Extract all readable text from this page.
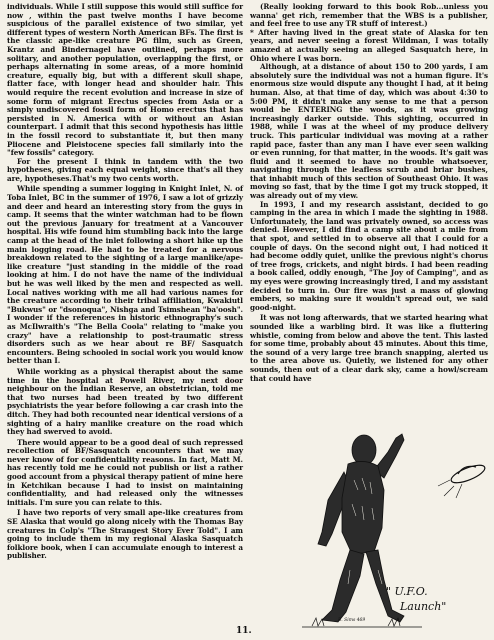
individuals. While I still suppose this would still suffice for now , within the past twelve months I have become suspicious of the parallel existence of two similar, yet different types of western North American BFs. The first is the classic ape-like creature PG film, such as Green, Krantz and Bindernagel have outlined, perhaps more solitary, and another population, overlapping the first, or perhaps alternating in some areas, of a more hominid creature, equally big, but with a different skull shape, flatter face, with longer head and shoulder hair. This would require the recent evolution and increase in size of some form of migrant Erectus species from Asia or a simply undiscovered fossil form of Homo erectus that has persisted in N. America with or without an Asian counterpart. I admit that this second hypothesis has little in the fossil record to substantiate it, but then many Pliocene and Pleistocene species fall similarly into the "few fossils" category.

For the present I think in tandem with the two hypotheses, giving each equal weight, since that's all they are, hypotheses.That's my two cents worth.

While spending a summer logging in Knight Inlet, N. of Toba Inlet, BC in the summer of 1976, I saw a lot of grizzly and deer and heard an interesting story from the guys in camp. It seems that the winter watchman had to be flown out the previous January for treatment at a Vancouver hospital. His wife found him stumbling back into the large camp at the head of the inlet following a short hike up the main logging road. He had to be treated for a nervous breakdown related to the sighting of a large manlike/ape-like creature "just standing in the middle of the road looking at him. I do not have the name of the individual but he was well liked by the men and respected as well. Local natives working with me all had various names for the creature according to their tribal affiliation, Kwakiutl "Bukwus" or "dsonoqua", Nishga and Tsimshean "ba'oosh". I wonder if the references in historic ethnography's such as McIlwraith's "The Bella Coola" relating to "make you crazy" have a relationship to post-traumatic stress disorders such as we hear about re BF/ Sasquatch encounters. Being schooled in social work you would know better than I.

While working as a physical therapist about the same time in the hospital at Powell River, my next door neighbour on the Indian Reserve, an obstetrician, told me that two nurses had been treated by two different psychiatrists the year before following a car crash into the ditch. They had both recounted near identical versions of a sighting of a hairy manlike creature on the road which they had swerved to avoid.

There would appear to be a good deal of such repressed recollection of BF/Sasquatch encounters that we may never know of for confidentiality reasons. In fact, Matt M. has recently told me he could not publish or list a rather good account from a physical therapy patient of mine here in Ketchikan because I had to insist on maintaining confidentiality, and had released only the witnesses initials. I'm sure you can relate to this.

I have two reports of very small ape-like creatures from SE Alaska that would go along nicely with the Thomas Bay creatures in Colp's "The Strangest Story Ever Told". I am going to include them in my regional Alaska Sasquatch folklore book, when I can accumulate enough to interest a publisher.

(Really looking forward to this book Rob...unless you wanna' get rich, remember that the WBS is a publisher, and feel free to use any TR stuff of interest.)

* After having lived in the great state of Alaska for ten years, and never seeing a forest Wildman, I was totally amazed at actually seeing an alleged Sasquatch here, in Ohio where I was born.

Although, at a distance of about 150 to 200 yards, I am absolutely sure the individual was not a human figure. It's enormous size would dispute any thought I had, at it being human. Also, at that time of day, which was about 4:30 to 5:00 PM, it didn't make any sense to me that a person would be ENTERING the woods, as it was growing increasingly darker outside. This sighting, occurred in 1988, while I was at the wheel of my produce delivery truck. This particular individual was moving at a rather rapid pace, faster than any man I have ever seen walking or even running, for that matter, in the woods. It's gait was fluid and it seemed to have no trouble whatsoever, navigating through the leafless scrub and briar bushes, that inhabit much of this section of Southeast Ohio. It was moving so fast, that by the time I got my truck stopped, it was already out of my view.

In 1993, I and my research assistant, decided to go camping in the area in which I made the sighting in 1988. Unfortunately, the land was privately owned, so access was denied. However, I did find a camp site about a mile from that spot, and settled in to observe all that I could for a couple of days. On the second night out, I had noticed it had become oddly quiet, unlike the previous night's chorus of tree frogs, crickets, and night birds. I had been reading a book called, oddly enough, "The Joy of Camping", and as my eyes were growing increasingly tired, I and my assistant decided to turn in. Our fire was just a mass of glowing embers, so making sure it wouldn't spread out, we said good-night.

It was not long afterwards, that we started hearing what sounded like a warbling bird. It was like a fluttering whistle, coming from below and above the tent. This lasted for some time, probably about 45 minutes. About this time, the sound of a very large tree branch snapping, alerted us to the area above us. Quietly, we listened for any other sounds, then out of a clear dark sky, came a howl/scream that could have

" U.F.O.
Launch"
B. Sims 469
11.
